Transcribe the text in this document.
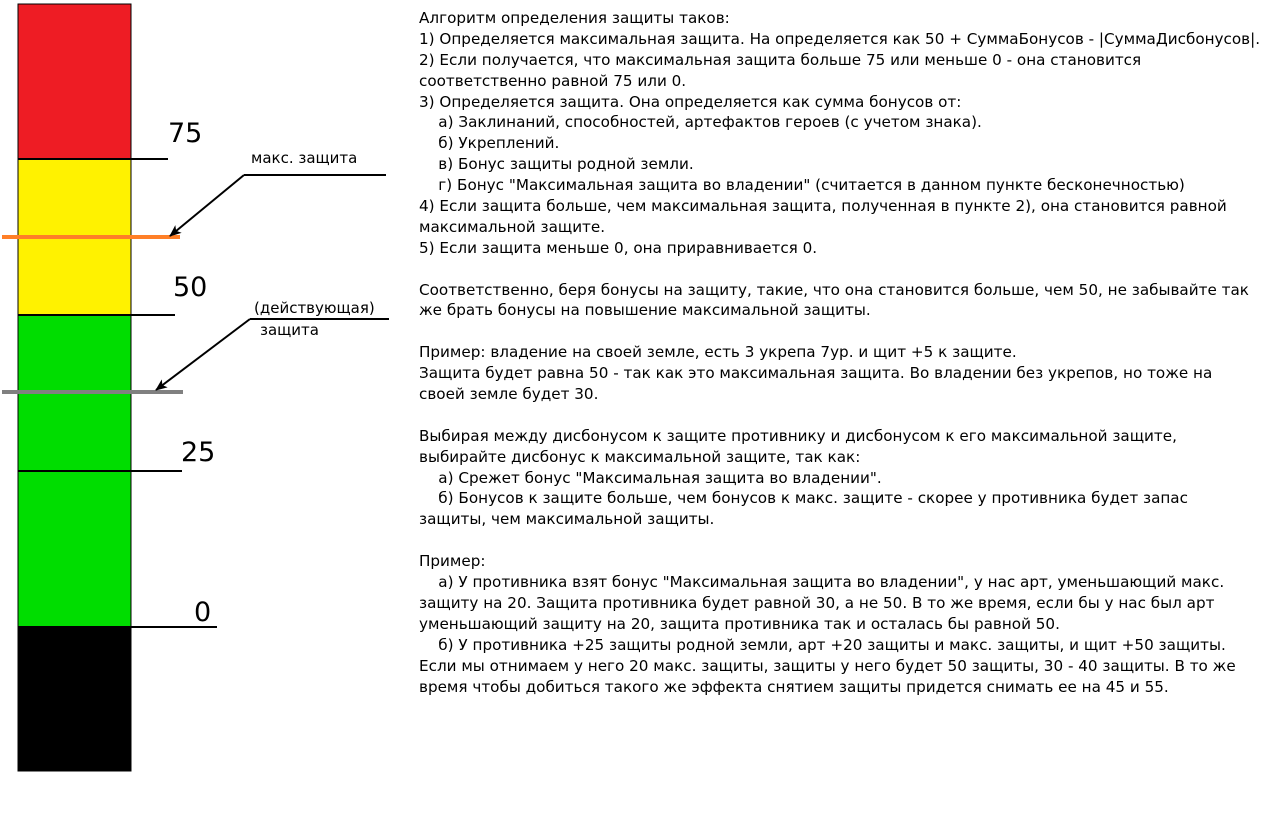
75
50
25
0
макс. защита
(действующая)
защита
Алгоритм определения защиты таков:
1) Определяется максимальная защита. На определяется как 50 + СуммаБонусов - |СуммаДисбонусов|.
2) Если получается, что максимальная защита больше 75 или меньше 0 - она становится
соответственно равной 75 или 0.
3) Определяется защита. Она определяется как сумма бонусов от:
а) Заклинаний, способностей, артефактов героев (с учетом знака).
б) Укреплений.
в) Бонус защиты родной земли.
г) Бонус "Максимальная защита во владении" (считается в данном пункте бесконечностью)
4) Если защита больше, чем максимальная защита, полученная в пункте 2), она становится равной
максимальной защите.
5) Если защита меньше 0, она приравнивается 0.
Соответственно, беря бонусы на защиту, такие, что она становится больше, чем 50, не забывайте так
же брать бонусы на повышение максимальной защиты.
Пример: владение на своей земле, есть 3 укрепа 7ур. и щит +5 к защите.
Защита будет равна 50 - так как это максимальная защита. Во владении без укрепов, но тоже на
своей земле будет 30.
Выбирая между дисбонусом к защите противнику и дисбонусом к его максимальной защите,
выбирайте дисбонус к максимальной защите, так как:
а) Срежет бонус "Максимальная защита во владении".
б) Бонусов к защите больше, чем бонусов к макс. защите - скорее у противника будет запас
защиты, чем максимальной защиты.
Пример:
а) У противника взят бонус "Максимальная защита во владении", у нас арт, уменьшающий макс.
защиту на 20. Защита противника будет равной 30, а не 50. В то же время, если бы у нас был арт
уменьшающий защиту на 20, защита противника так и осталась бы равной 50.
б) У противника +25 защиты родной земли, арт +20 защиты и макс. защиты, и щит +50 защиты.
Если мы отнимаем у него 20 макс. защиты, защиты у него будет 50 защиты, 30 - 40 защиты. В то же
время чтобы добиться такого же эффекта снятием защиты придется снимать ее на 45 и 55.
